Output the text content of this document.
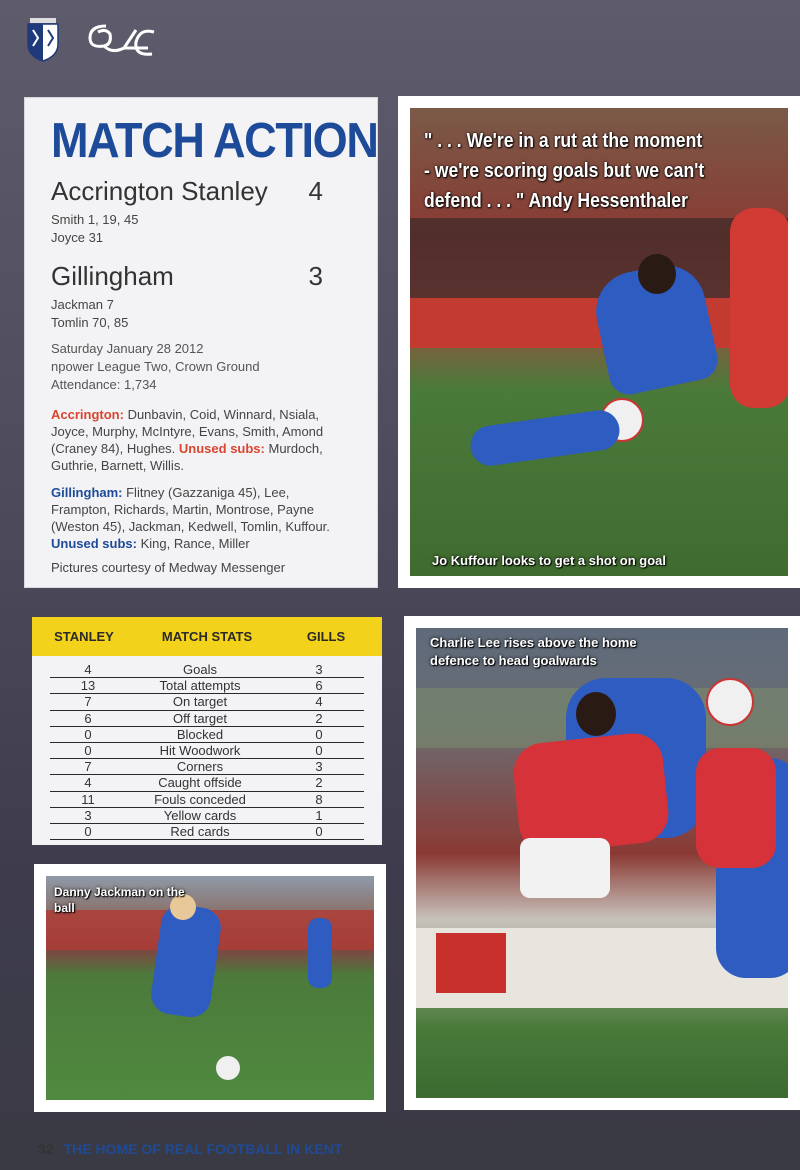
MATCH ACTION
Accrington Stanley 4
Smith 1, 19, 45
Joyce 31
Gillingham	3
Jackman 7
Tomlin 70, 85
Saturday January 28 2012
npower League Two, Crown Ground
Attendance: 1,734
Accrington: Dunbavin, Coid, Winnard, Nsiala, Joyce, Murphy, McIntyre, Evans, Smith, Amond (Craney 84), Hughes. Unused subs: Murdoch, Guthrie, Barnett, Willis.
Gillingham: Flitney (Gazzaniga 45), Lee, Frampton, Richards, Martin, Montrose, Payne (Weston 45), Jackman, Kedwell, Tomlin, Kuffour.
Unused subs: King, Rance, Miller
Pictures courtesy of Medway Messenger
" . . . We're in a rut at the moment - we're scoring goals but we can't defend . . . " Andy Hessenthaler
Jo Kuffour looks to get a shot on goal
STANLEY	MATCH STATS	GILLS
4	Goals	3
13	Total attempts	6
7	On target	4
6	Off target	2
0	Blocked	0
0	Hit Woodwork	0
7	Corners	3
4	Caught offside	2
11	Fouls conceded	8
3	Yellow cards	1
0	Red cards	0
Charlie Lee rises above the home defence to head goalwards
Danny Jackman on the ball
32 THE HOME OF REAL FOOTBALL IN KENT
